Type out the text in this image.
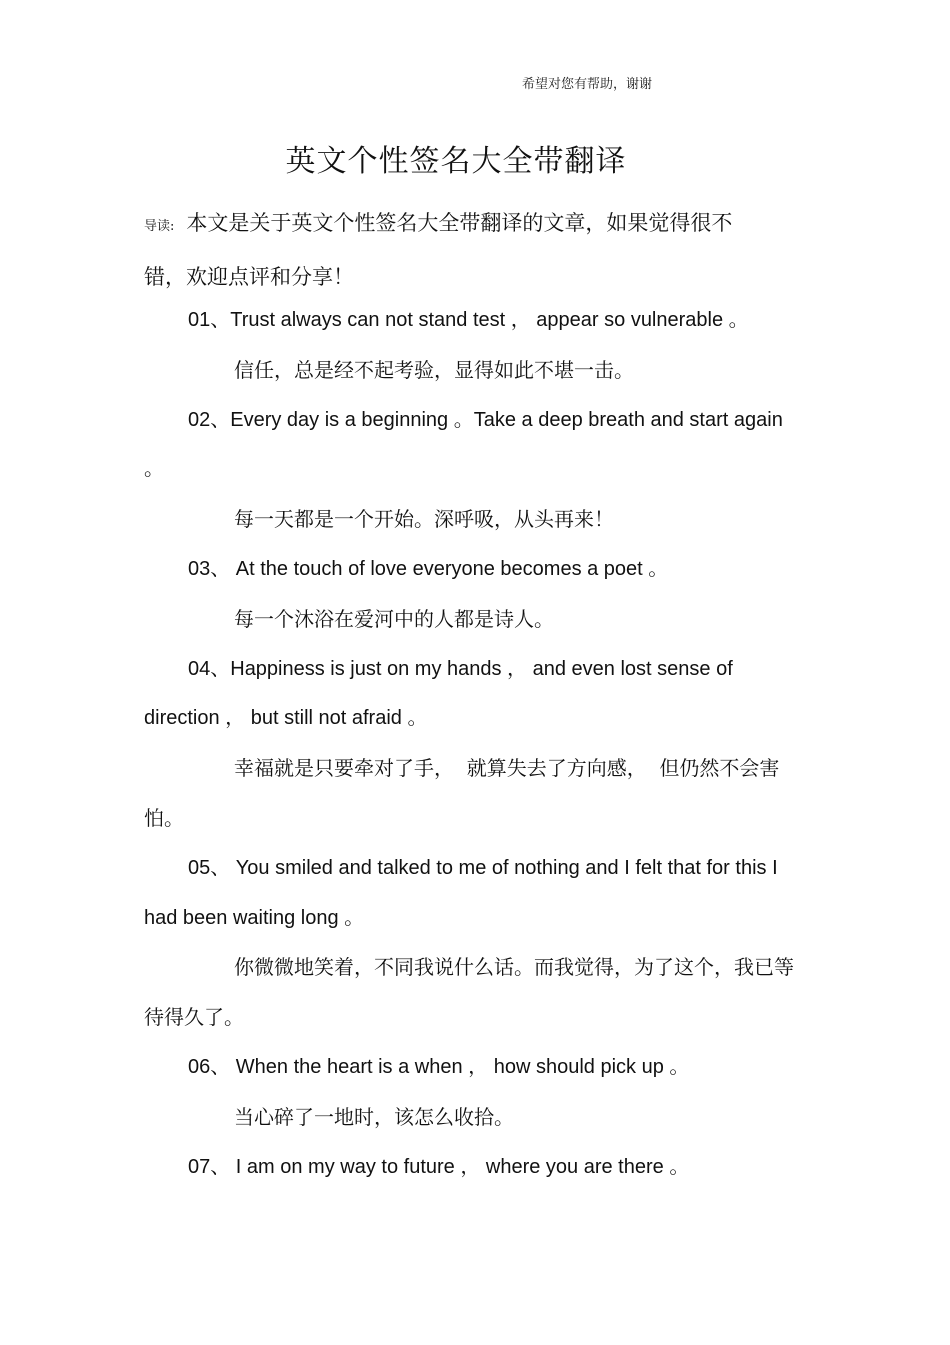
希望对您有帮助，谢谢
英文个性签名大全带翻译
导读: 本文是关于英文个性签名大全带翻译的文章，如果觉得很不错，欢迎点评和分享！

01、Trust always can not stand test ， appear so vulnerable 。

信任，总是经不起考验，显得如此不堪一击。

02、Every day is a beginning 。Take a deep breath and start again 。

每一天都是一个开始。深呼吸，从头再来！

03、 At the touch of love everyone becomes a poet 。

每一个沐浴在爱河中的人都是诗人。

04、Happiness is just on my hands ， and even lost sense of direction ， but still not afraid 。

幸福就是只要牵对了手，  就算失去了方向感，  但仍然不会害怕。

05、 You smiled and talked to me of nothing and I felt that for this I had been waiting long 。

你微微地笑着，不同我说什么话。而我觉得，为了这个，我已等待得久了。

06、 When the heart is a when ， how should pick up 。

当心碎了一地时，该怎么收拾。

07、 I am on my way to future ， where you are there 。
